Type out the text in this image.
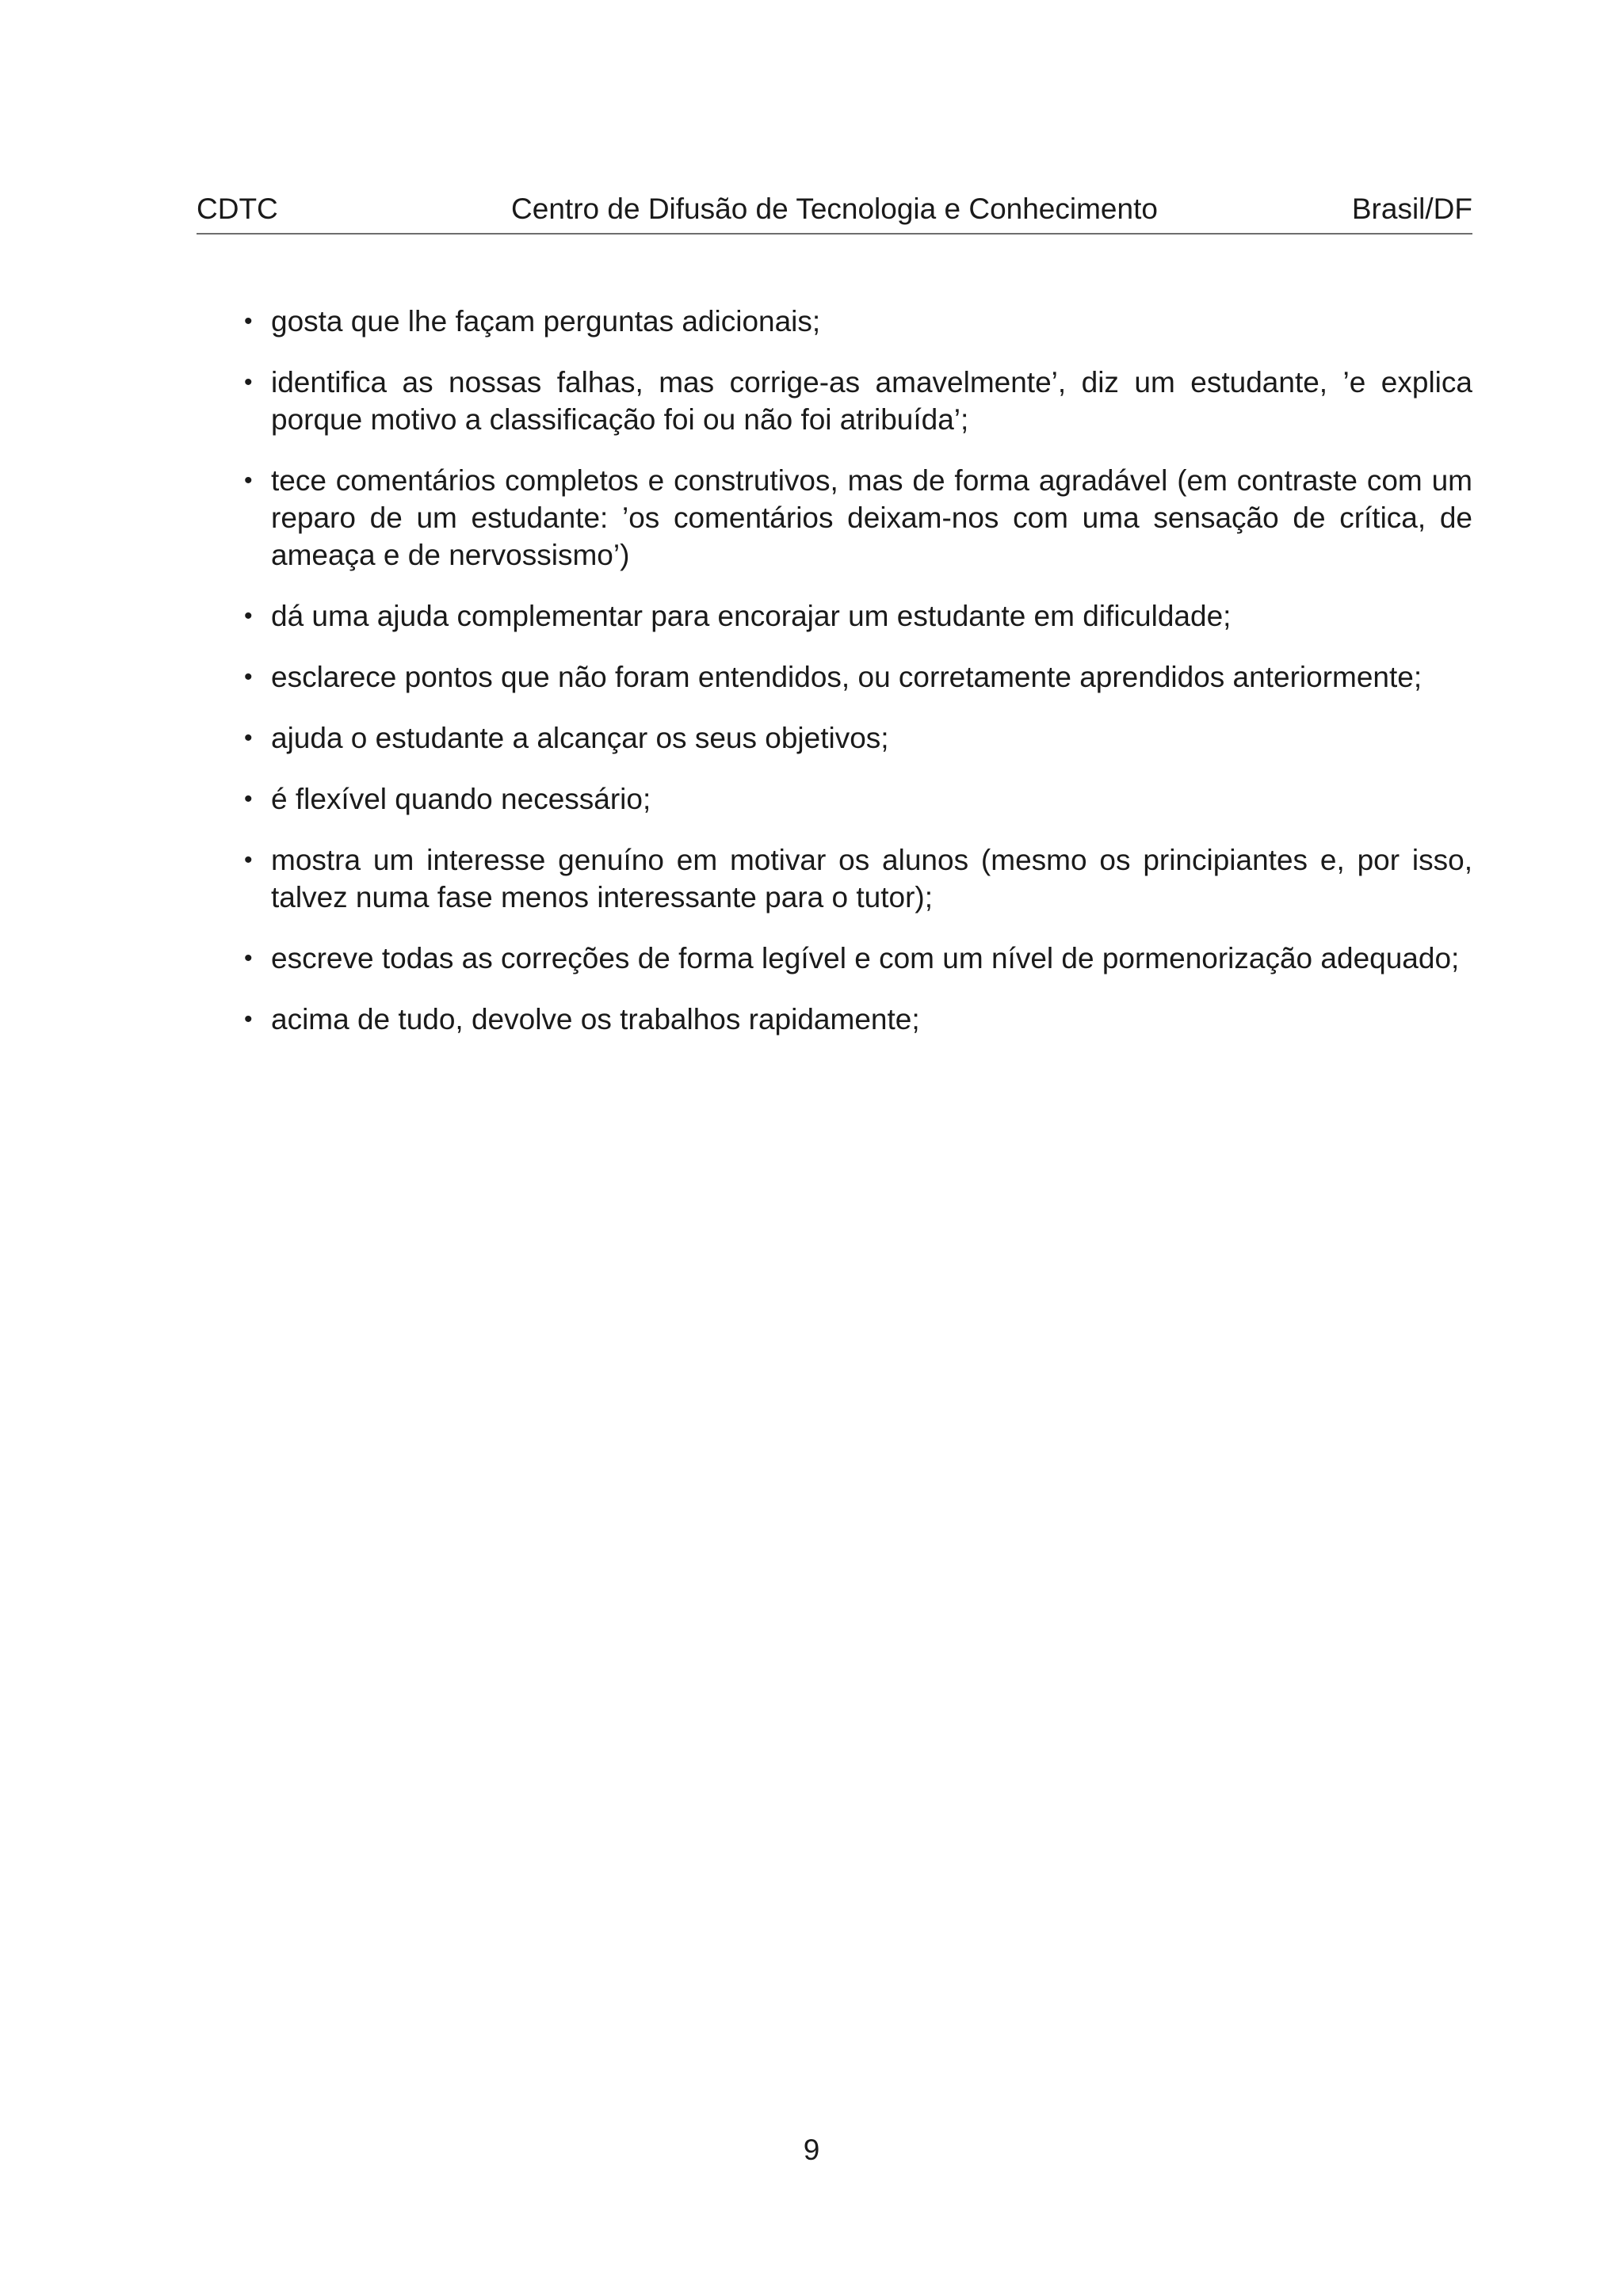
Centro de Difusão de Tecnologia e Conhecimento
CDTC	Brasil/DF
• gosta que lhe façam perguntas adicionais;
• identifica as nossas falhas, mas corrige-as amavelmente’, diz um estudante, ’e explica porque motivo a classificação foi ou não foi atribuída’;
• tece comentários completos e construtivos, mas de forma agradável (em contraste com um reparo de um estudante: ’os comentários deixam-nos com uma sensação de crítica, de ameaça e de nervossismo’)
• dá uma ajuda complementar para encorajar um estudante em dificuldade;
• esclarece pontos que não foram entendidos, ou corretamente aprendidos anteriormente;
• ajuda o estudante a alcançar os seus objetivos;
• é flexível quando necessário;
• mostra um interesse genuíno em motivar os alunos (mesmo os principiantes e, por isso, talvez numa fase menos interessante para o tutor);
• escreve todas as correções de forma legível e com um nível de pormenorização adequado;
• acima de tudo, devolve os trabalhos rapidamente;
9
